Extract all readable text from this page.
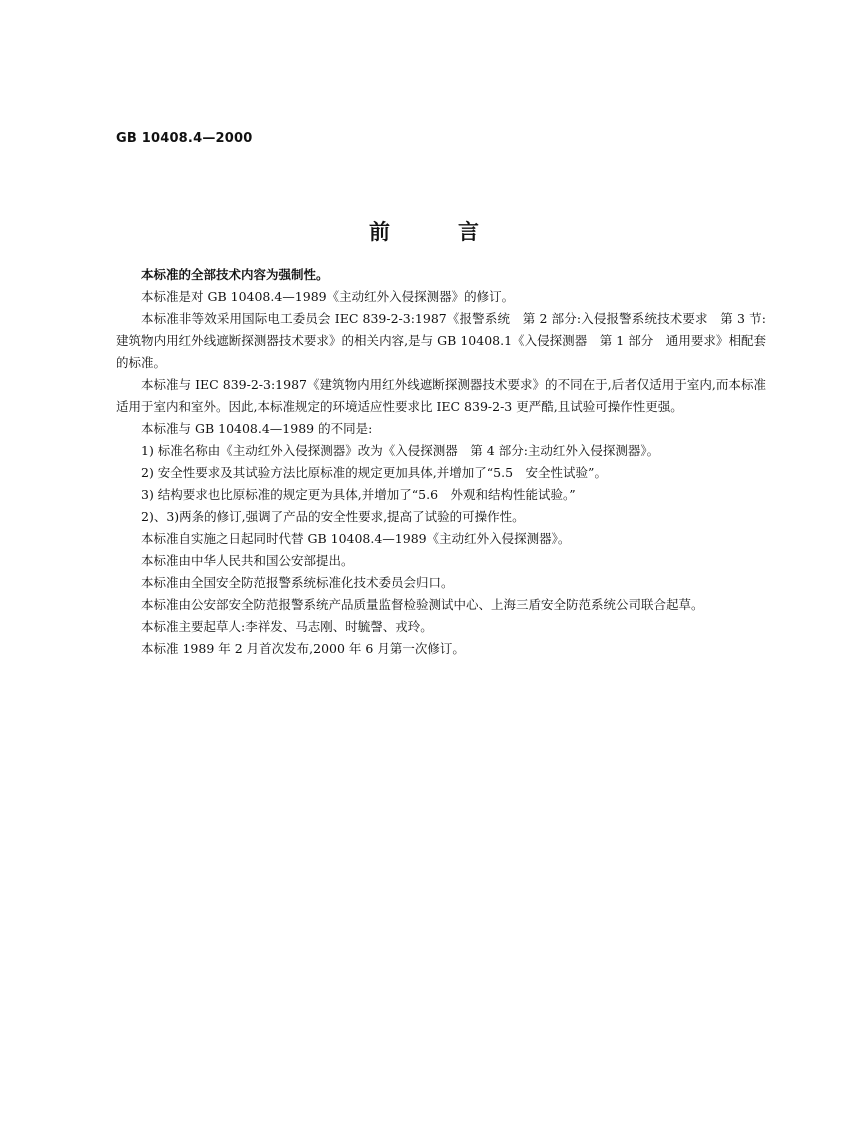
GB 10408.4—2000
前	言

本标准的全部技术内容为强制性。

本标准是对 GB 10408.4—1989《主动红外入侵探测器》的修订。

本标准非等效采用国际电工委员会 IEC 839-2-3:1987《报警系统　第 2 部分:入侵报警系统技术要求　第 3 节:建筑物内用红外线遮断探测器技术要求》的相关内容,是与 GB 10408.1《入侵探测器　第 1 部分　通用要求》相配套的标准。

本标准与 IEC 839-2-3:1987《建筑物内用红外线遮断探测器技术要求》的不同在于,后者仅适用于室内,而本标准适用于室内和室外。因此,本标准规定的环境适应性要求比 IEC 839-2-3 更严酷,且试验可操作性更强。

本标准与 GB 10408.4—1989 的不同是:

1) 标准名称由《主动红外入侵探测器》改为《入侵探测器　第 4 部分:主动红外入侵探测器》。

2) 安全性要求及其试验方法比原标准的规定更加具体,并增加了“5.5　安全性试验”。

3) 结构要求也比原标准的规定更为具体,并增加了“5.6　外观和结构性能试验。”

2)、3)两条的修订,强调了产品的安全性要求,提高了试验的可操作性。

本标准自实施之日起同时代替 GB 10408.4—1989《主动红外入侵探测器》。

本标准由中华人民共和国公安部提出。

本标准由全国安全防范报警系统标准化技术委员会归口。

本标准由公安部安全防范报警系统产品质量监督检验测试中心、上海三盾安全防范系统公司联合起草。

本标准主要起草人:李祥发、马志刚、时毓謦、戎玲。

本标准 1989 年 2 月首次发布,2000 年 6 月第一次修订。
